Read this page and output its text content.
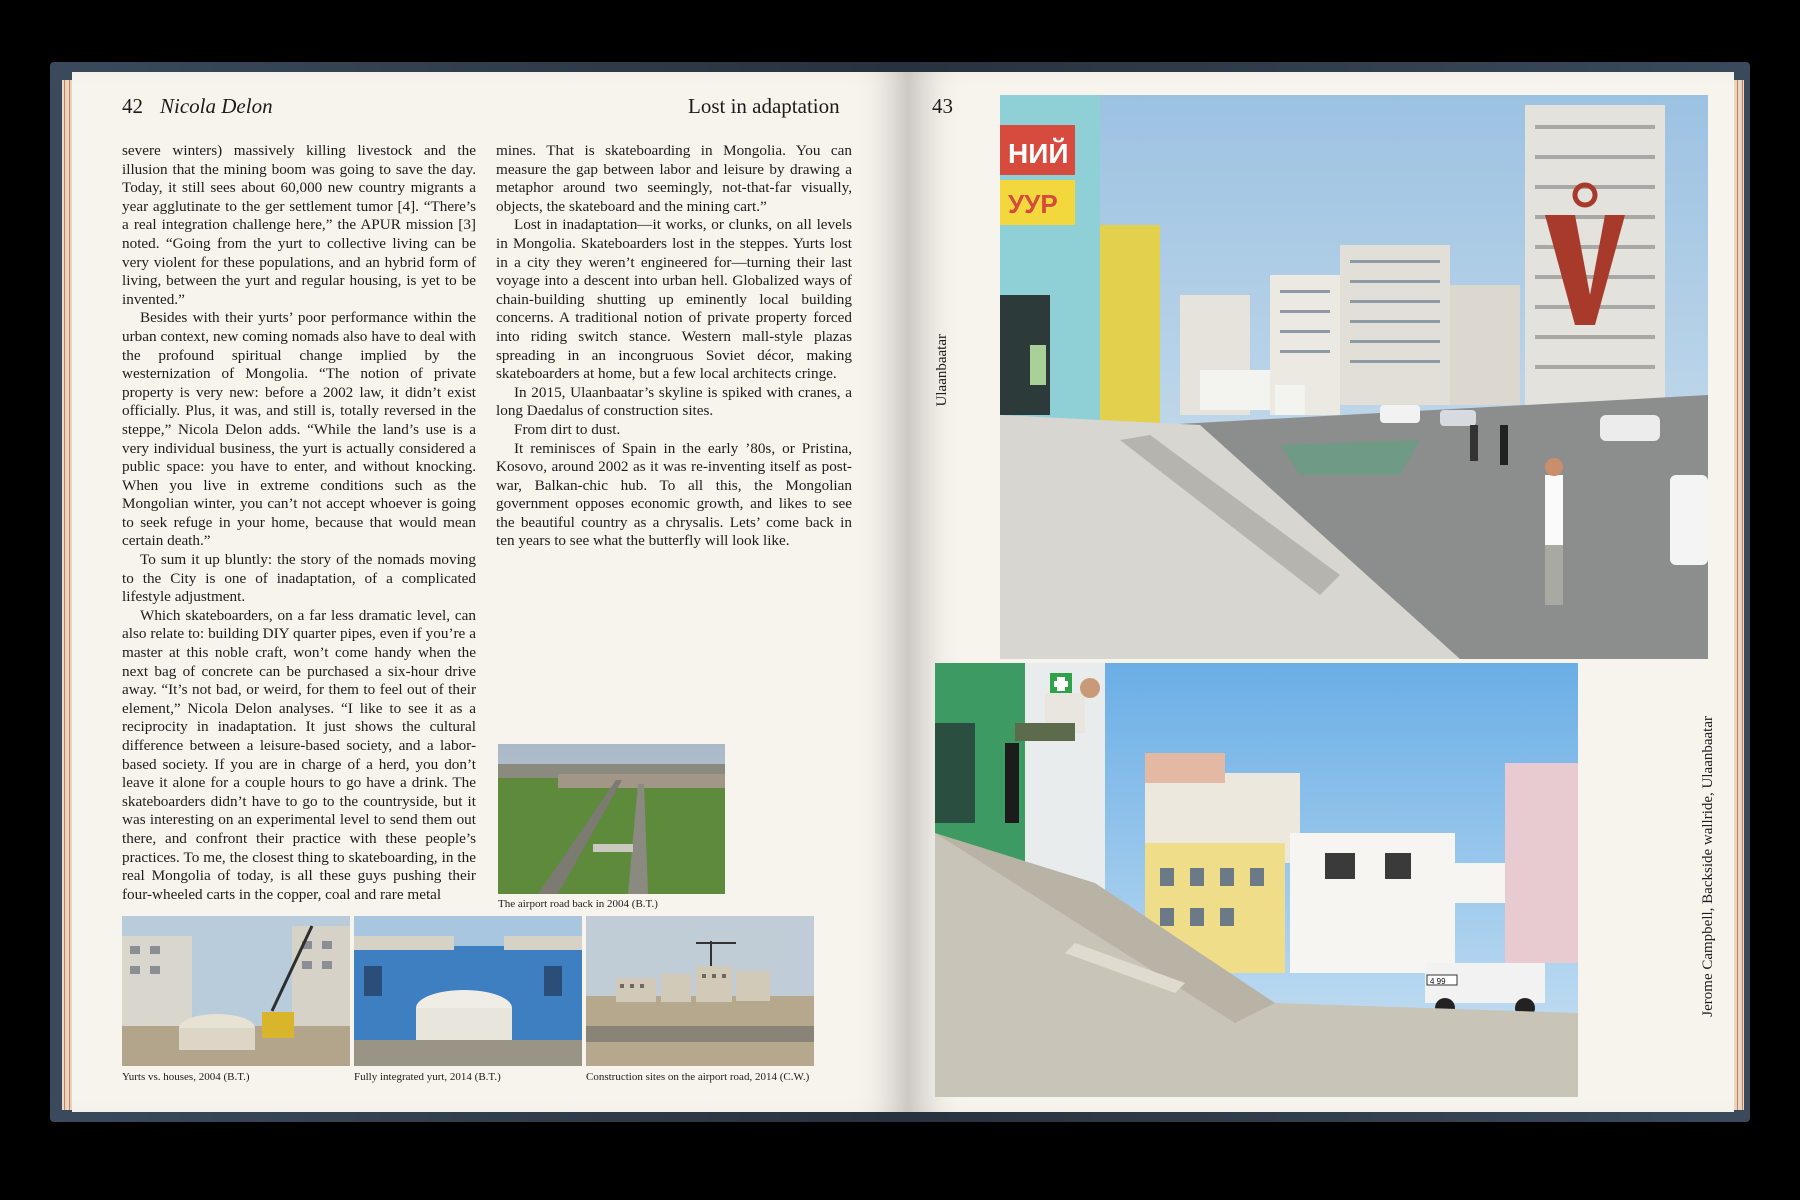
42 Nicola Delon	Lost in adaptation

severe winters) massively killing livestock and the illusion that the mining boom was going to save the day. Today, it still sees about 60,000 new country migrants a year agglutinate to the ger settlement tumor [4]. “There’s a real integration challenge here,” the APUR mission [3] noted. “Going from the yurt to collective living can be very violent for these populations, and an hybrid form of living, between the yurt and regular housing, is yet to be invented.”

Besides with their yurts’ poor performance within the urban context, new coming nomads also have to deal with the profound spiritual change implied by the westernization of Mongolia. “The notion of private property is very new: before a 2002 law, it didn’t exist officially. Plus, it was, and still is, totally reversed in the steppe,” Nicola Delon adds. “While the land’s use is a very individual business, the yurt is actually considered a public space: you have to enter, and without knocking. When you live in extreme conditions such as the Mongolian winter, you can’t not accept whoever is going to seek refuge in your home, because that would mean certain death.”

To sum it up bluntly: the story of the nomads moving to the City is one of inadaptation, of a complicated lifestyle adjustment.

Which skateboarders, on a far less dramatic level, can also relate to: building DIY quarter pipes, even if you’re a master at this noble craft, won’t come handy when the next bag of concrete can be purchased a six-hour drive away. “It’s not bad, or weird, for them to feel out of their element,” Nicola Delon analyses. “I like to see it as a reciprocity in inadaptation. It just shows the cultural difference between a leisure-based society, and a labor-based society. If you are in charge of a herd, you don’t leave it alone for a couple hours to go have a drink. The skateboarders didn’t have to go to the countryside, but it was interesting on an experimental level to send them out there, and confront their practice with these people’s practices. To me, the closest thing to skateboarding, in the real Mongolia of today, is all these guys pushing their four-wheeled carts in the copper, coal and rare metal

mines. That is skateboarding in Mongolia. You can measure the gap between labor and leisure by drawing a metaphor around two seemingly, not-that-far visually, objects, the skateboard and the mining cart.”

Lost in inadaptation—it works, or clunks, on all levels in Mongolia. Skateboarders lost in the steppes. Yurts lost in a city they weren’t engineered for—turning their last voyage into a descent into urban hell. Globalized ways of chain-building shutting up eminently local building concerns. A traditional notion of private property forced into riding switch stance. Western mall-style plazas spreading in an incongruous Soviet décor, making skateboarders at home, but a few local architects cringe.

In 2015, Ulaanbaatar’s skyline is spiked with cranes, a long Daedalus of construction sites.

From dirt to dust.

It reminisces of Spain in the early ’80s, or Pristina, Kosovo, around 2002 as it was re-inventing itself as post-war, Balkan-chic hub. To all this, the Mongolian government opposes economic growth, and likes to see the beautiful country as a chrysalis. Lets’ come back in ten years to see what the butterfly will look like.

The airport road back in 2004 (B.T.)
Yurts vs. houses, 2004 (B.T.)	Fully integrated yurt, 2014 (B.T.)	Construction sites on the airport road, 2014 (C.W.)
43
Ulaanbaatar
НИЙ
УУР
4 99	Jerome Campbell, Backside wallride, Ulaanbaatar
